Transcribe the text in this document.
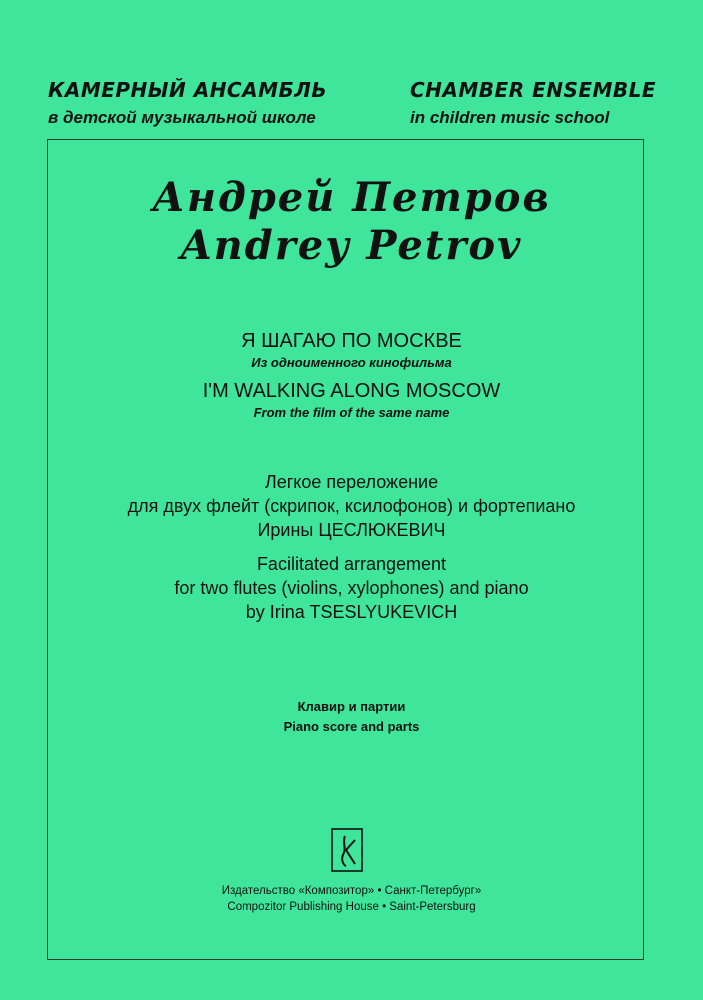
КАМЕРНЫЙ АНСАМБЛЬ
в детской музыкальной школе
CHAMBER ENSEMBLE
in children music school
Андрей Петров
Andrey Petrov
Я ШАГАЮ ПО МОСКВЕ
Из одноименного кинофильма
I'M WALKING ALONG MOSCOW
From the film of the same name
Легкое переложение
для двух флейт (скрипок, ксилофонов) и фортепиано
Ирины ЦЕСЛЮКЕВИЧ
Facilitated arrangement
for two flutes (violins, xylophones) and piano
by Irina TSESLYUKEVICH
Клавир и партии
Piano score and parts
Издательство «Композитор» • Санкт-Петербург»
Compozitor Publishing House • Saint-Petersburg
